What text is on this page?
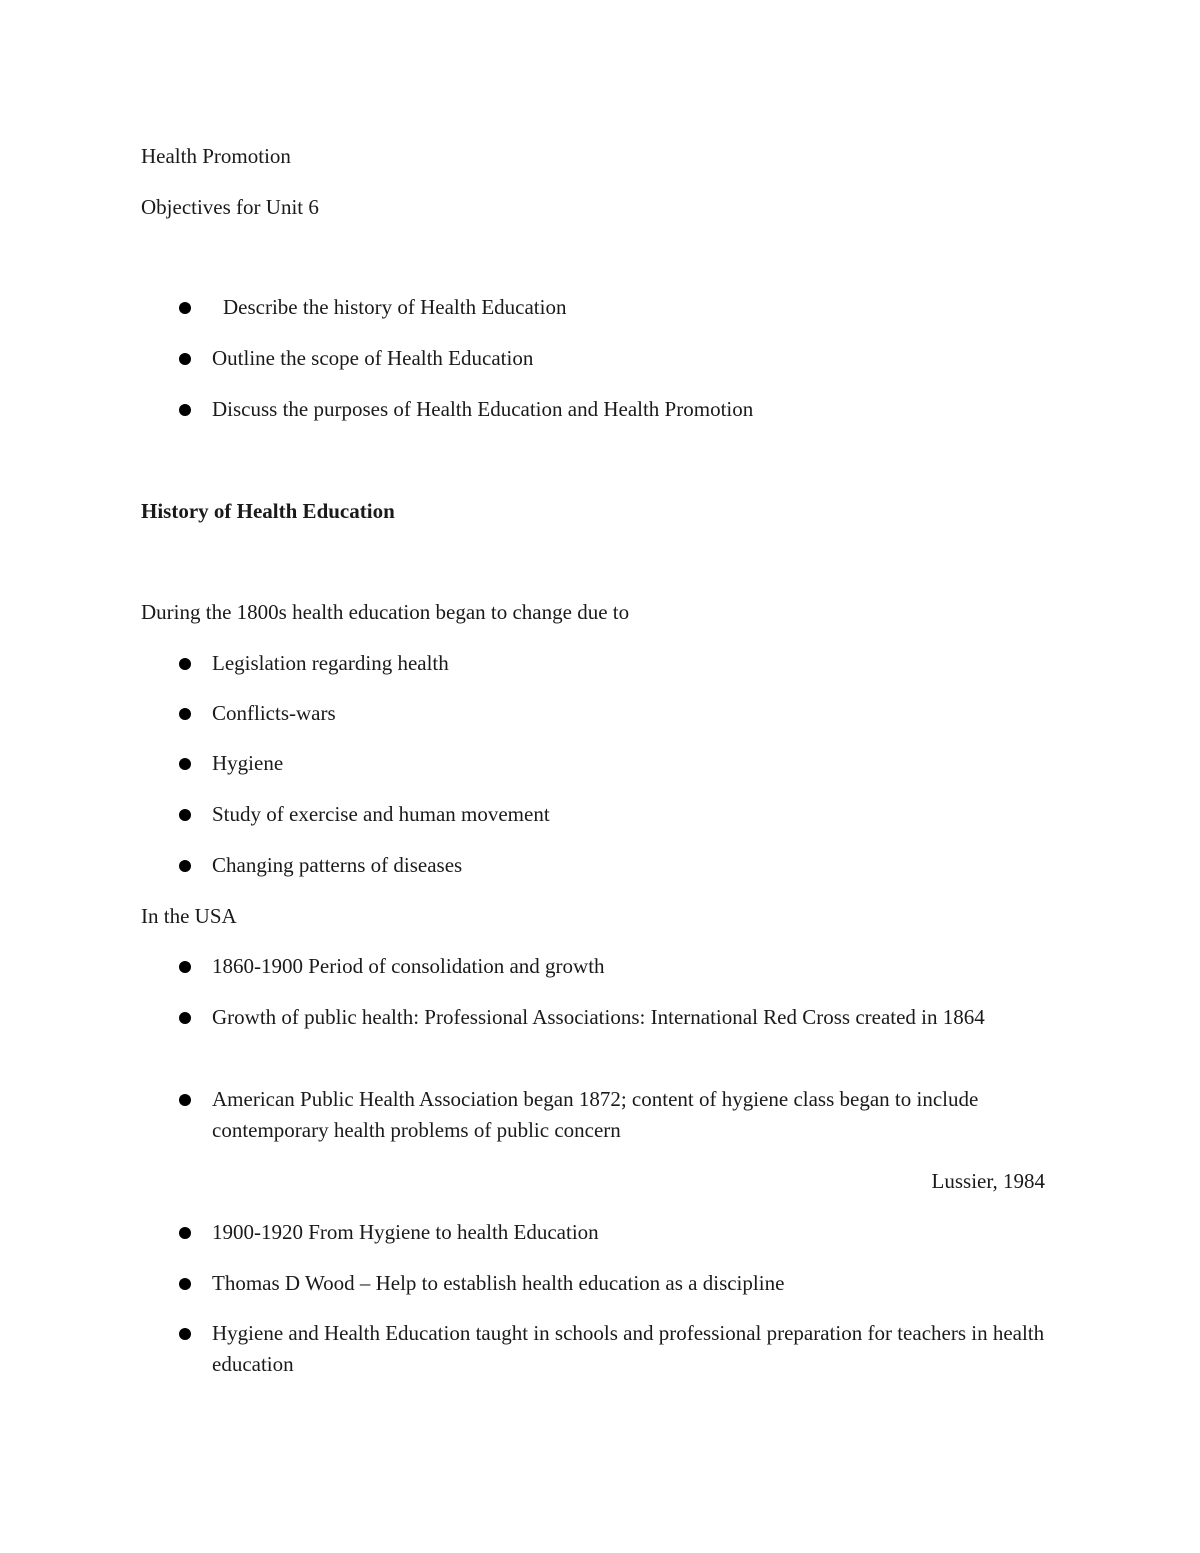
Health Promotion
Objectives for Unit 6
Describe the history of Health Education
Outline the scope of Health Education
Discuss the purposes of Health Education and Health Promotion
History of Health Education
During the 1800s health education began to change due to
Legislation regarding health
Conflicts-wars
Hygiene
Study of exercise and human movement
Changing patterns of diseases
In the USA
1860-1900 Period of consolidation and growth
Growth of public health: Professional Associations: International Red Cross created in 1864
American Public Health Association began 1872; content of hygiene class began to include contemporary health problems of public concern
Lussier, 1984
1900-1920 From Hygiene to health Education
Thomas D Wood – Help to establish health education as a discipline
Hygiene and Health Education taught in schools and professional preparation for teachers in health education
